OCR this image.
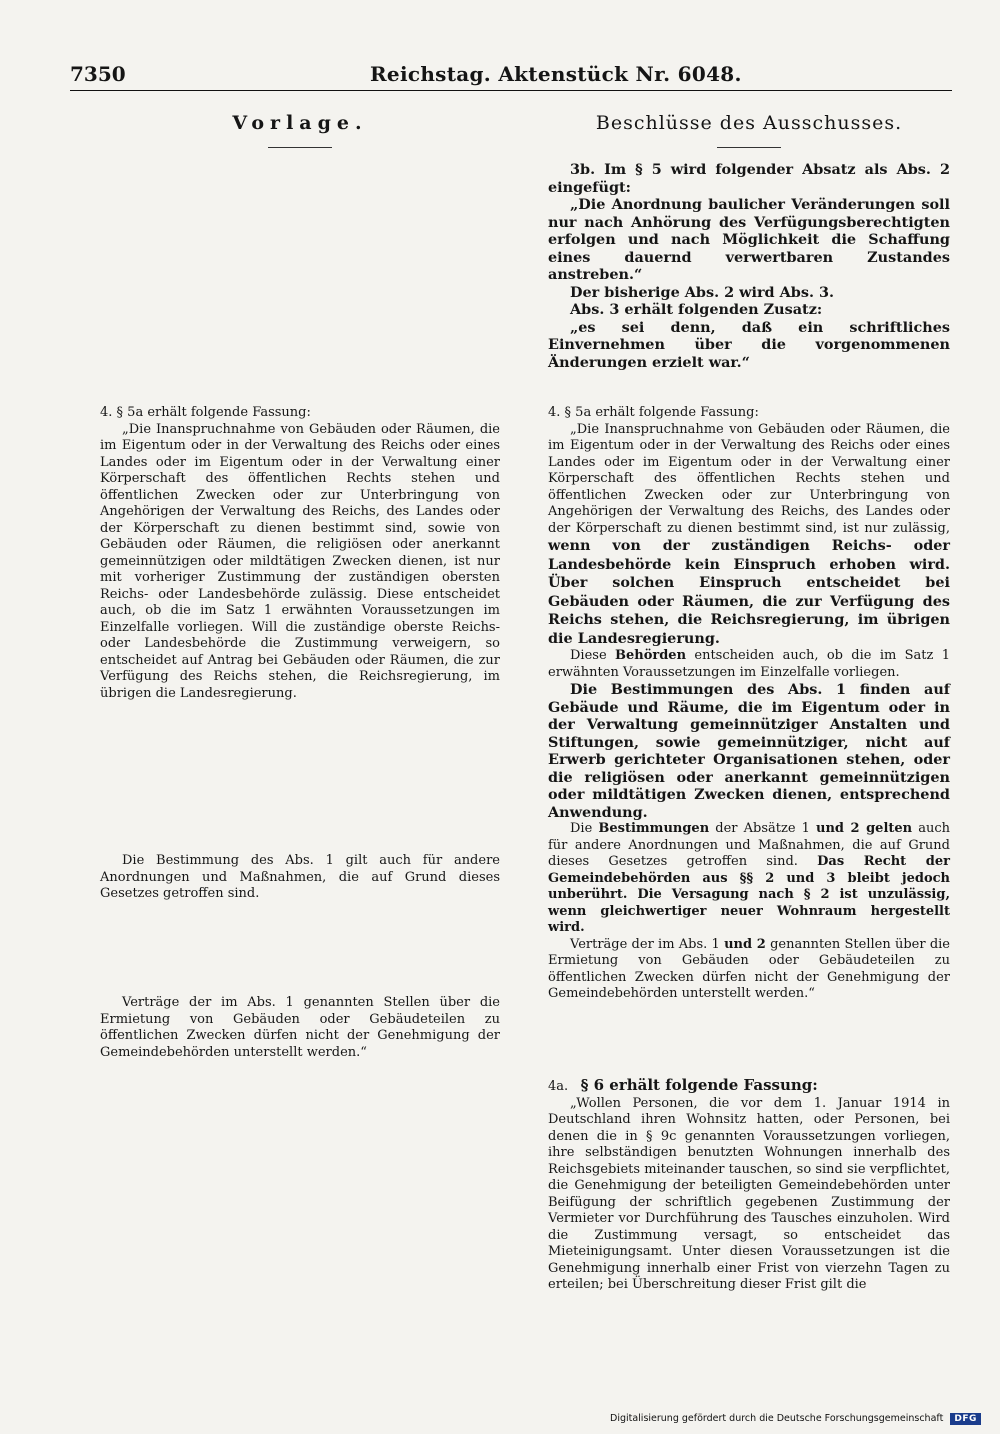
7350	Reichstag. Aktenstück Nr. 6048.
Vorlage.

4. § 5a erhält folgende Fassung:

„Die Inanspruchnahme von Gebäuden oder Räumen, die im Eigentum oder in der Verwaltung des Reichs oder eines Landes oder im Eigentum oder in der Verwaltung einer Körperschaft des öffentlichen Rechts stehen und öffentlichen Zwecken oder zur Unterbringung von Angehörigen der Verwaltung des Reichs, des Landes oder der Körperschaft zu dienen bestimmt sind, sowie von Gebäuden oder Räumen, die religiösen oder anerkannt gemeinnützigen oder mildtätigen Zwecken dienen, ist nur mit vorheriger Zustimmung der zuständigen obersten Reichs- oder Landesbehörde zulässig. Diese entscheidet auch, ob die im Satz 1 erwähnten Voraussetzungen im Einzelfalle vorliegen. Will die zuständige oberste Reichs- oder Landesbehörde die Zustimmung verweigern, so entscheidet auf Antrag bei Gebäuden oder Räumen, die zur Verfügung des Reichs stehen, die Reichsregierung, im übrigen die Landesregierung.

Die Bestimmung des Abs. 1 gilt auch für andere Anordnungen und Maßnahmen, die auf Grund dieses Gesetzes getroffen sind.

Verträge der im Abs. 1 genannten Stellen über die Ermietung von Gebäuden oder Gebäudeteilen zu öffentlichen Zwecken dürfen nicht der Genehmigung der Gemeindebehörden unterstellt werden.“

Beschlüsse des Ausschusses.

3b. Im § 5 wird folgender Absatz als Abs. 2 eingefügt:

„Die Anordnung baulicher Veränderungen soll nur nach Anhörung des Verfügungsberechtigten erfolgen und nach Möglichkeit die Schaffung eines dauernd verwertbaren Zustandes anstreben.“

Der bisherige Abs. 2 wird Abs. 3.

Abs. 3 erhält folgenden Zusatz:

„es sei denn, daß ein schriftliches Einvernehmen über die vorgenommenen Änderungen erzielt war.“

4. § 5a erhält folgende Fassung:

„Die Inanspruchnahme von Gebäuden oder Räumen, die im Eigentum oder in der Verwaltung des Reichs oder eines Landes oder im Eigentum oder in der Verwaltung einer Körperschaft des öffentlichen Rechts stehen und öffentlichen Zwecken oder zur Unterbringung von Angehörigen der Verwaltung des Reichs, des Landes oder der Körperschaft zu dienen bestimmt sind, ist nur zulässig, wenn von der zuständigen Reichs- oder Landesbehörde kein Einspruch erhoben wird. Über solchen Einspruch entscheidet bei Gebäuden oder Räumen, die zur Verfügung des Reichs stehen, die Reichsregierung, im übrigen die Landesregierung.

Diese Behörden entscheiden auch, ob die im Satz 1 erwähnten Voraussetzungen im Einzelfalle vorliegen.

Die Bestimmungen des Abs. 1 finden auf Gebäude und Räume, die im Eigentum oder in der Verwaltung gemeinnütziger Anstalten und Stiftungen, sowie gemeinnütziger, nicht auf Erwerb gerichteter Organisationen stehen, oder die religiösen oder anerkannt gemeinnützigen oder mildtätigen Zwecken dienen, entsprechend Anwendung.

Die Bestimmungen der Absätze 1 und 2 gelten auch für andere Anordnungen und Maßnahmen, die auf Grund dieses Gesetzes getroffen sind. Das Recht der Gemeindebehörden aus §§ 2 und 3 bleibt jedoch unberührt. Die Versagung nach § 2 ist unzulässig, wenn gleichwertiger neuer Wohnraum hergestellt wird.

Verträge der im Abs. 1 und 2 genannten Stellen über die Ermietung von Gebäuden oder Gebäudeteilen zu öffentlichen Zwecken dürfen nicht der Genehmigung der Gemeindebehörden unterstellt werden.“

4a. § 6 erhält folgende Fassung:

„Wollen Personen, die vor dem 1. Januar 1914 in Deutschland ihren Wohnsitz hatten, oder Personen, bei denen die in § 9c genannten Voraussetzungen vorliegen, ihre selbständigen benutzten Wohnungen innerhalb des Reichsgebiets miteinander tauschen, so sind sie verpflichtet, die Genehmigung der beteiligten Gemeindebehörden unter Beifügung der schriftlich gegebenen Zustimmung der Vermieter vor Durchführung des Tausches einzuholen. Wird die Zustimmung versagt, so entscheidet das Mieteinigungsamt. Unter diesen Voraussetzungen ist die Genehmigung innerhalb einer Frist von vierzehn Tagen zu erteilen; bei Überschreitung dieser Frist gilt die

Digitalisierung gefördert durch die Deutsche Forschungsgemeinschaft DFG
